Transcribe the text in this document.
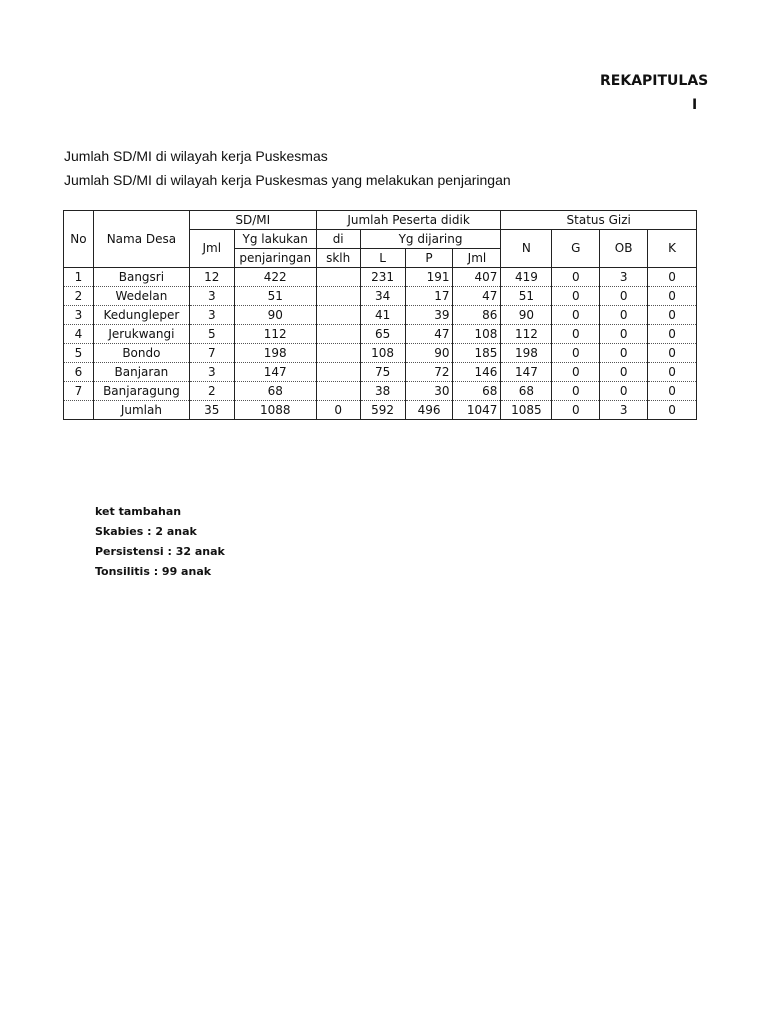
REKAPITULAS
I
Jumlah SD/MI di wilayah kerja Puskesmas
Jumlah SD/MI di wilayah kerja Puskesmas yang melakukan penjaringan
No	Nama Desa	SD/MI		Jumlah Peserta didik				Status Gizi			
		Jml	Yg lakukan	di	Yg dijaring			N	G	OB	K
			penjaringan	sklh	L	P	Jml				
1	Bangsri	12	422		231	191	407	419	0	3	0
2	Wedelan	3	51		34	17	47	51	0	0	0
3	Kedungleper	3	90		41	39	86	90	0	0	0
4	Jerukwangi	5	112		65	47	108	112	0	0	0
5	Bondo	7	198		108	90	185	198	0	0	0
6	Banjaran	3	147		75	72	146	147	0	0	0
7	Banjaragung	2	68		38	30	68	68	0	0	0
	Jumlah	35	1088	0	592	496	1047	1085	0	3	0
ket tambahan
Skabies : 2 anak
Persistensi : 32 anak
Tonsilitis : 99 anak
